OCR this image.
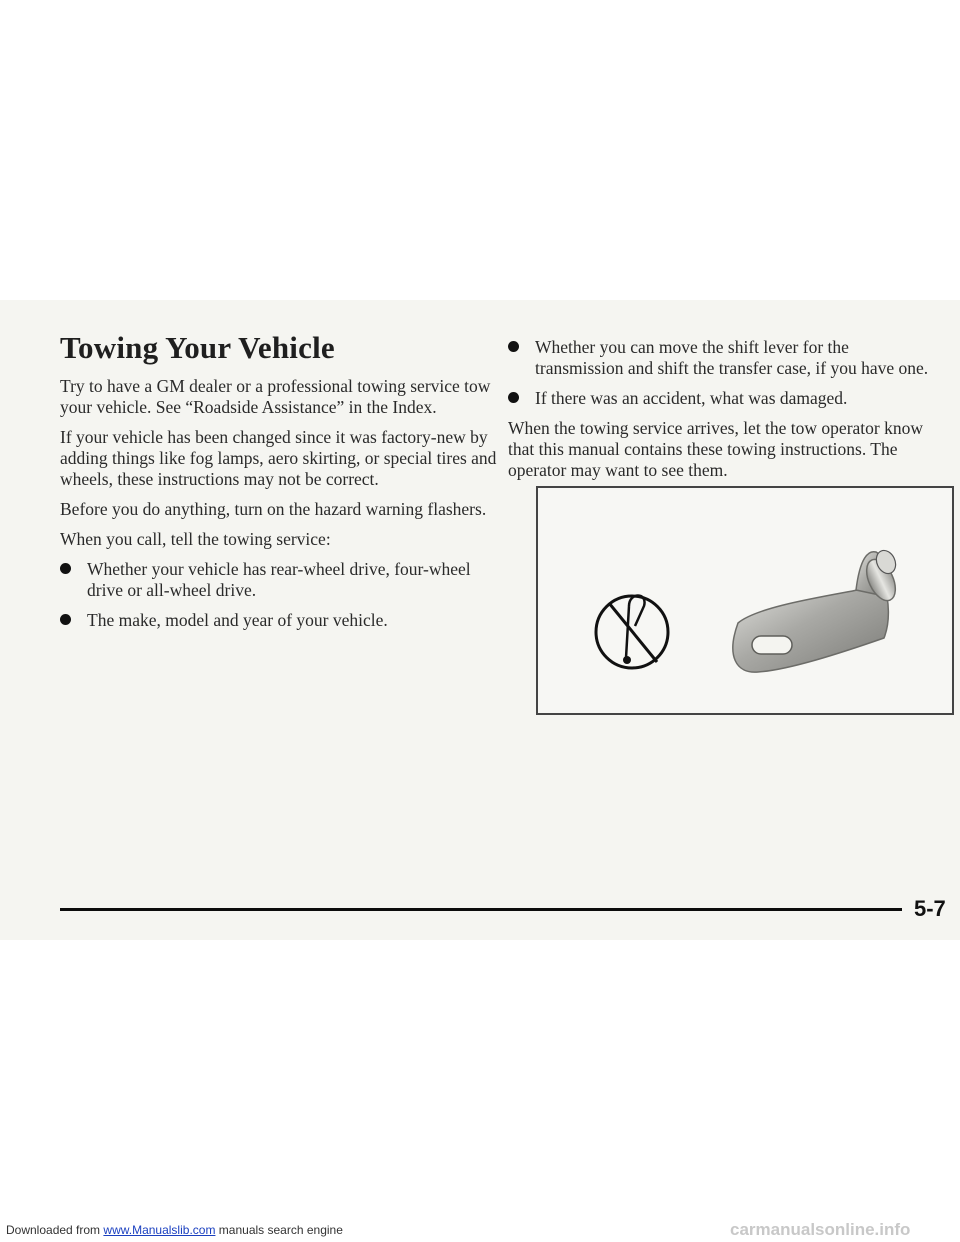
Towing Your Vehicle

Try to have a GM dealer or a professional towing service tow your vehicle. See “Roadside Assistance” in the Index.

If your vehicle has been changed since it was factory-new by adding things like fog lamps, aero skirting, or special tires and wheels, these instructions may not be correct.

Before you do anything, turn on the hazard warning flashers.

When you call, tell the towing service:

Whether your vehicle has rear-wheel drive, four-wheel drive or all-wheel drive.
The make, model and year of your vehicle.
Whether you can move the shift lever for the transmission and shift the transfer case, if you have one.
If there was an accident, what was damaged.

When the towing service arrives, let the tow operator know that this manual contains these towing instructions. The operator may want to see them.

5-7
Downloaded from www.Manualslib.com manuals search engine	carmanualsonline.info
